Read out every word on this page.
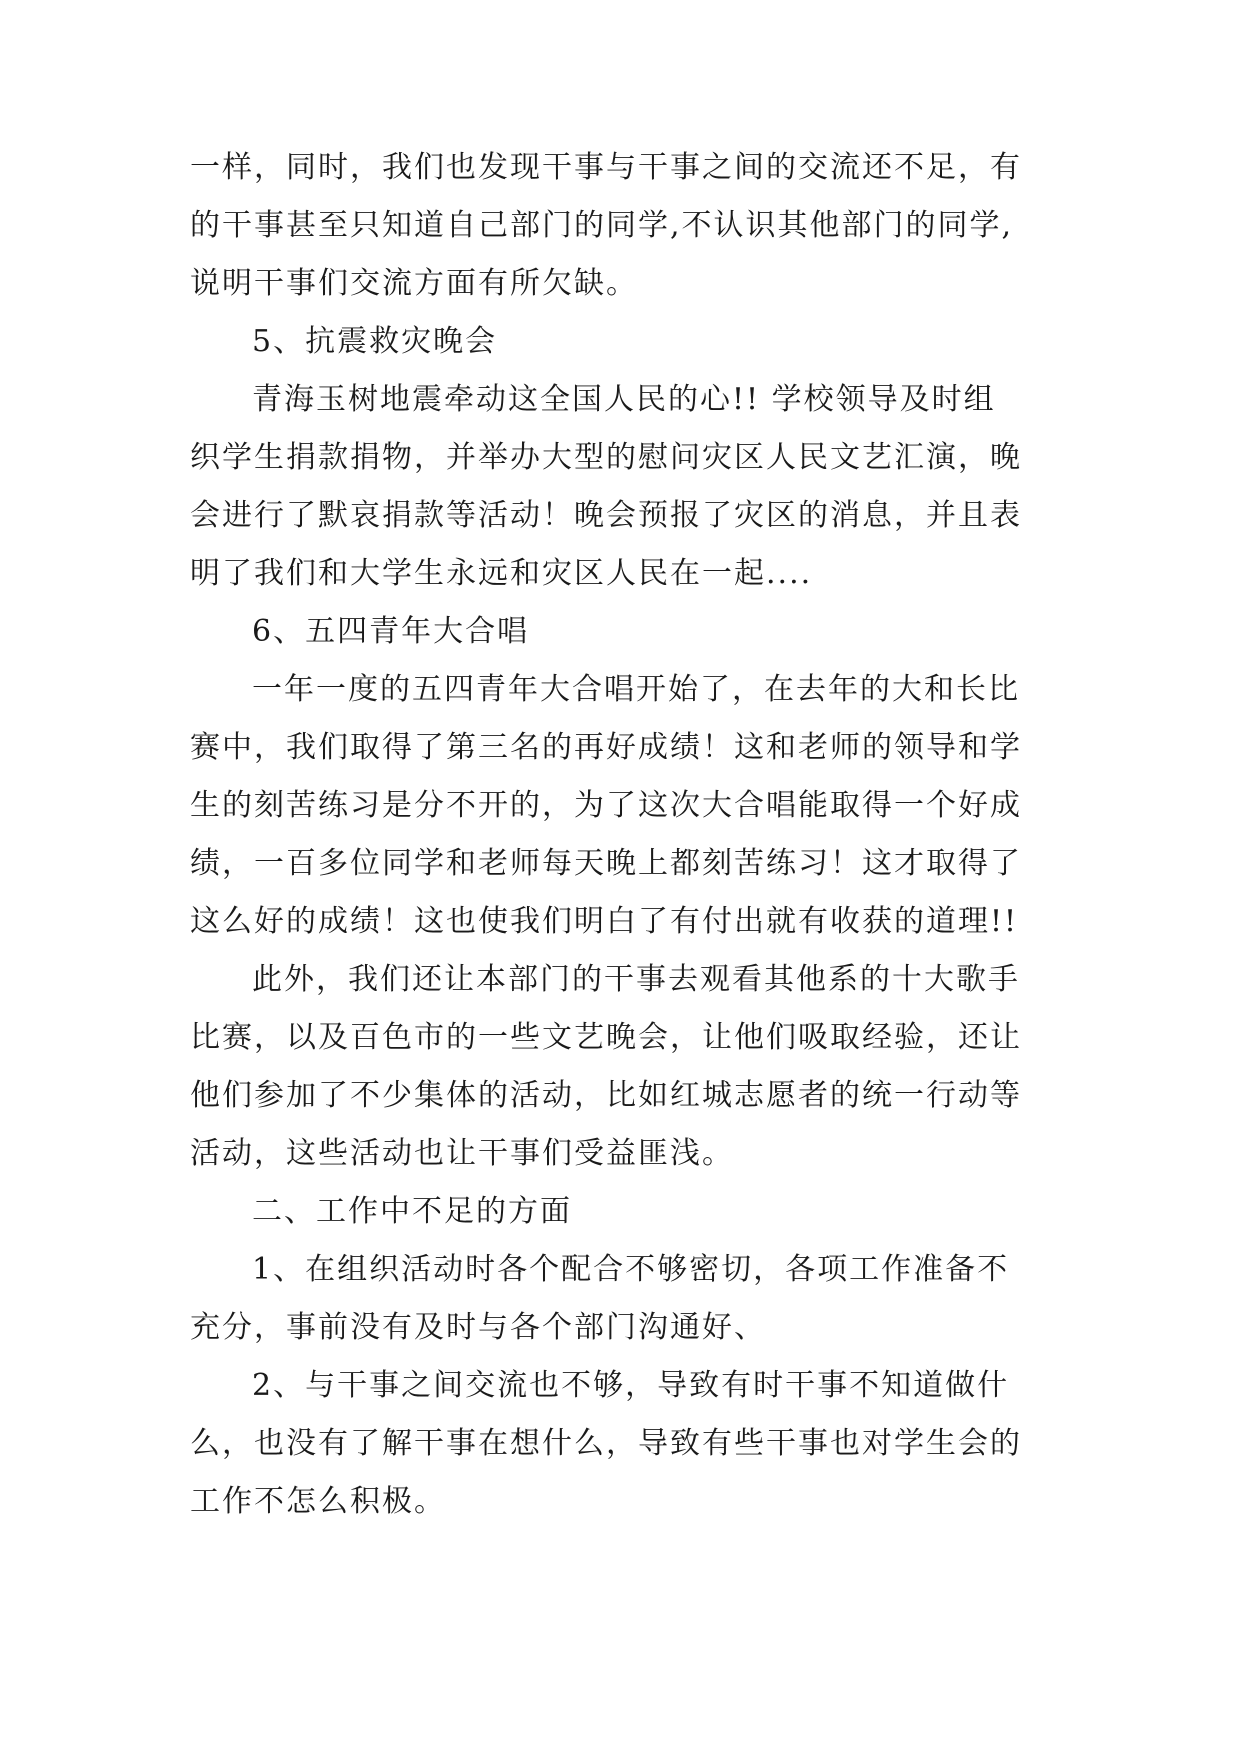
一样，同时，我们也发现干事与干事之间的交流还不足，有
的干事甚至只知道自己部门的同学,不认识其他部门的同学,
说明干事们交流方面有所欠缺。
5、抗震救灾晚会
青海玉树地震牵动这全国人民的心!! 学校领导及时组
织学生捐款捐物，并举办大型的慰问灾区人民文艺汇演，晚
会进行了默哀捐款等活动！晚会预报了灾区的消息，并且表
明了我们和大学生永远和灾区人民在一起....
6、五四青年大合唱
一年一度的五四青年大合唱开始了，在去年的大和长比
赛中，我们取得了第三名的再好成绩！这和老师的领导和学
生的刻苦练习是分不开的，为了这次大合唱能取得一个好成
绩，一百多位同学和老师每天晚上都刻苦练习！这才取得了
这么好的成绩！这也使我们明白了有付出就有收获的道理!!
此外，我们还让本部门的干事去观看其他系的十大歌手
比赛，以及百色市的一些文艺晚会，让他们吸取经验，还让
他们参加了不少集体的活动，比如红城志愿者的统一行动等
活动，这些活动也让干事们受益匪浅。
二、工作中不足的方面
1、在组织活动时各个配合不够密切，各项工作准备不
充分，事前没有及时与各个部门沟通好、
2、与干事之间交流也不够，导致有时干事不知道做什
么，也没有了解干事在想什么，导致有些干事也对学生会的
工作不怎么积极。
